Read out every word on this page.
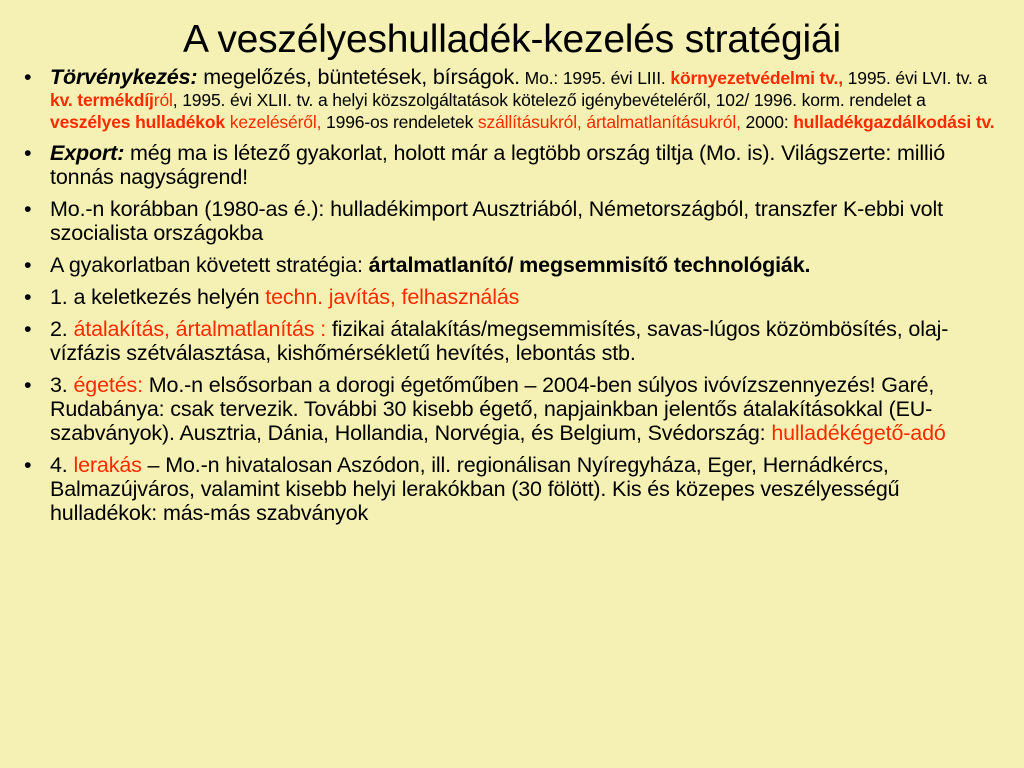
A veszélyeshulladék-kezelés stratégiái
• Törvénykezés: megelőzés, büntetések, bírságok. Mo.: 1995. évi LIII. környezetvédelmi tv., 1995. évi LVI. tv. a kv. termékdíjról, 1995. évi XLII. tv. a helyi közszolgáltatások kötelező igénybevételéről, 102/ 1996. korm. rendelet a veszélyes hulladékok kezeléséről, 1996-os rendeletek szállításukról, ártalmatlanításukról, 2000: hulladékgazdálkodási tv.
• Export: még ma is létező gyakorlat, holott már a legtöbb ország tiltja (Mo. is). Világszerte: millió tonnás nagyságrend!
• Mo.-n korábban (1980-as é.): hulladékimport Ausztriából, Németországból, transzfer K-ebbi volt szocialista országokba
• A gyakorlatban követett stratégia: ártalmatlanító/ megsemmisítő technológiák.
• 1. a keletkezés helyén techn. javítás, felhasználás
• 2. átalakítás, ártalmatlanítás : fizikai átalakítás/megsemmisítés, savas-lúgos közömbösítés, olaj-vízfázis szétválasztása, kishőmérsékletű hevítés, lebontás stb.
• 3. égetés: Mo.-n elsősorban a dorogi égetőműben – 2004-ben súlyos ivóvízszennyezés! Garé, Rudabánya: csak tervezik. További 30 kisebb égető, napjainkban jelentős átalakításokkal (EU-szabványok). Ausztria, Dánia, Hollandia, Norvégia, és Belgium, Svédország: hulladékégető-adó
• 4. lerakás – Mo.-n hivatalosan Aszódon, ill. regionálisan Nyíregyháza, Eger, Hernádkércs, Balmazújváros, valamint kisebb helyi lerakókban (30 fölött). Kis és közepes veszélyességű hulladékok: más-más szabványok
